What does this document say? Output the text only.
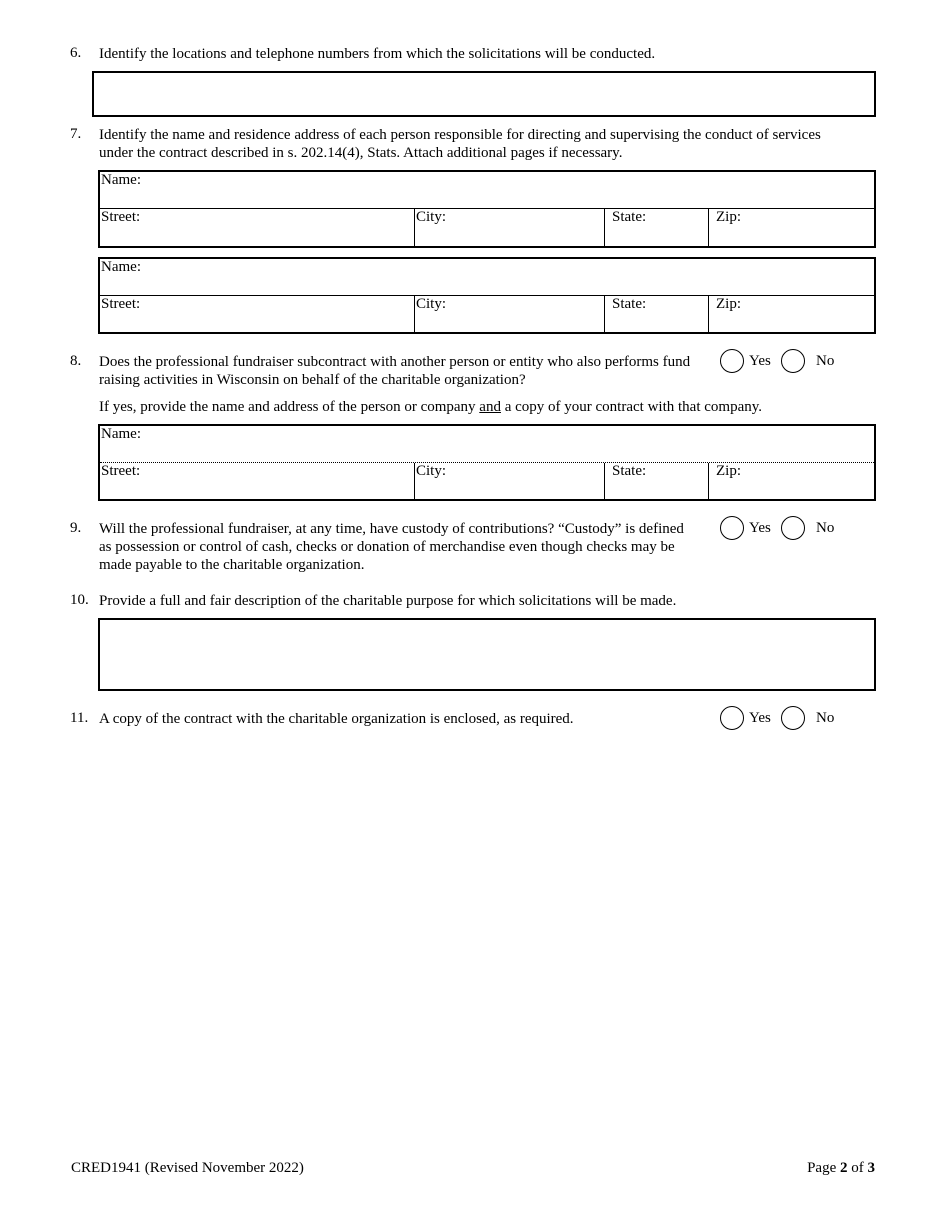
6. Identify the locations and telephone numbers from which the solicitations will be conducted.
7. Identify the name and residence address of each person responsible for directing and supervising the conduct of services
under the contract described in s. 202.14(4), Stats. Attach additional pages if necessary.
Name:
Street:	City:	State:	Zip:
Name:
Street:	City:	State:	Zip:
8. Does the professional fundraiser subcontract with another person or entity who also performs fund
raising activities in Wisconsin on behalf of the charitable organization?
Yes	No
If yes, provide the name and address of the person or company and a copy of your contract with that company.
Name:
Street:	City:	State:	Zip:
9. Will the professional fundraiser, at any time, have custody of contributions? “Custody” is defined
as possession or control of cash, checks or donation of merchandise even though checks may be
made payable to the charitable organization.
Yes	No
10. Provide a full and fair description of the charitable purpose for which solicitations will be made.
11. A copy of the contract with the charitable organization is enclosed, as required.	Yes	No
CRED1941 (Revised November 2022)	Page 2 of 3
